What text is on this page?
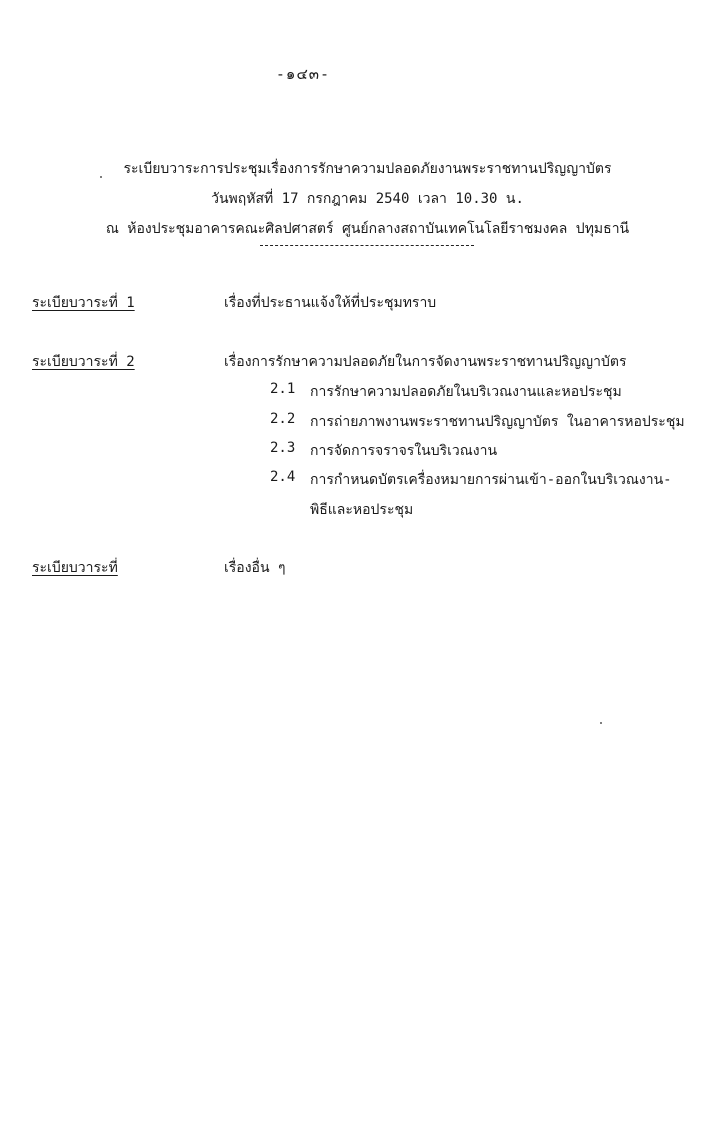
-๑๔๓-
ระเบียบวาระการประชุมเรื่องการรักษาความปลอดภัยงานพระราชทานปริญญาบัตร
วันพฤหัสที่ 17 กรกฎาคม 2540 เวลา 10.30 น.
ณ ห้องประชุมอาคารคณะศิลปศาสตร์ ศูนย์กลางสถาบันเทคโนโลยีราชมงคล ปทุมธานี
ระเบียบวาระที่ 1	เรื่องที่ประธานแจ้งให้ที่ประชุมทราบ
ระเบียบวาระที่ 2	เรื่องการรักษาความปลอดภัยในการจัดงานพระราชทานปริญญาบัตร
2.1 การรักษาความปลอดภัยในบริเวณงานและหอประชุม
2.2 การถ่ายภาพงานพระราชทานปริญญาบัตร ในอาคารหอประชุม
2.3 การจัดการจราจรในบริเวณงาน
2.4 การกำหนดบัตรเครื่องหมายการผ่านเข้า-ออกในบริเวณงาน-
พิธีและหอประชุม
ระเบียบวาระที่	เรื่องอื่น ๆ
